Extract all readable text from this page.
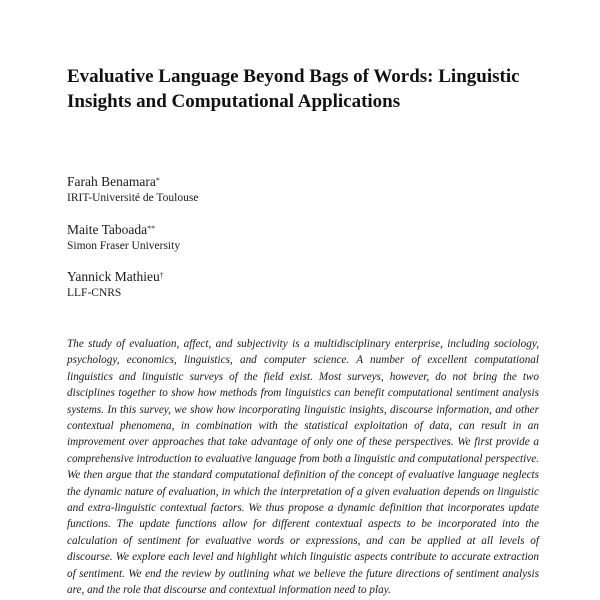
Evaluative Language Beyond Bags of Words: Linguistic Insights and Computational Applications
Farah Benamara*
IRIT-Université de Toulouse
Maite Taboada**
Simon Fraser University
Yannick Mathieu†
LLF-CNRS

The study of evaluation, affect, and subjectivity is a multidisciplinary enterprise, including sociology, psychology, economics, linguistics, and computer science. A number of excellent computational linguistics and linguistic surveys of the field exist. Most surveys, however, do not bring the two disciplines together to show how methods from linguistics can benefit computational sentiment analysis systems. In this survey, we show how incorporating linguistic insights, discourse information, and other contextual phenomena, in combination with the statistical exploitation of data, can result in an improvement over approaches that take advantage of only one of these perspectives. We first provide a comprehensive introduction to evaluative language from both a linguistic and computational perspective. We then argue that the standard computational definition of the concept of evaluative language neglects the dynamic nature of evaluation, in which the interpretation of a given evaluation depends on linguistic and extra-linguistic contextual factors. We thus propose a dynamic definition that incorporates update functions. The update functions allow for different contextual aspects to be incorporated into the calculation of sentiment for evaluative words or expressions, and can be applied at all levels of discourse. We explore each level and highlight which linguistic aspects contribute to accurate extraction of sentiment. We end the review by outlining what we believe the future directions of sentiment analysis are, and the role that discourse and contextual information need to play.
